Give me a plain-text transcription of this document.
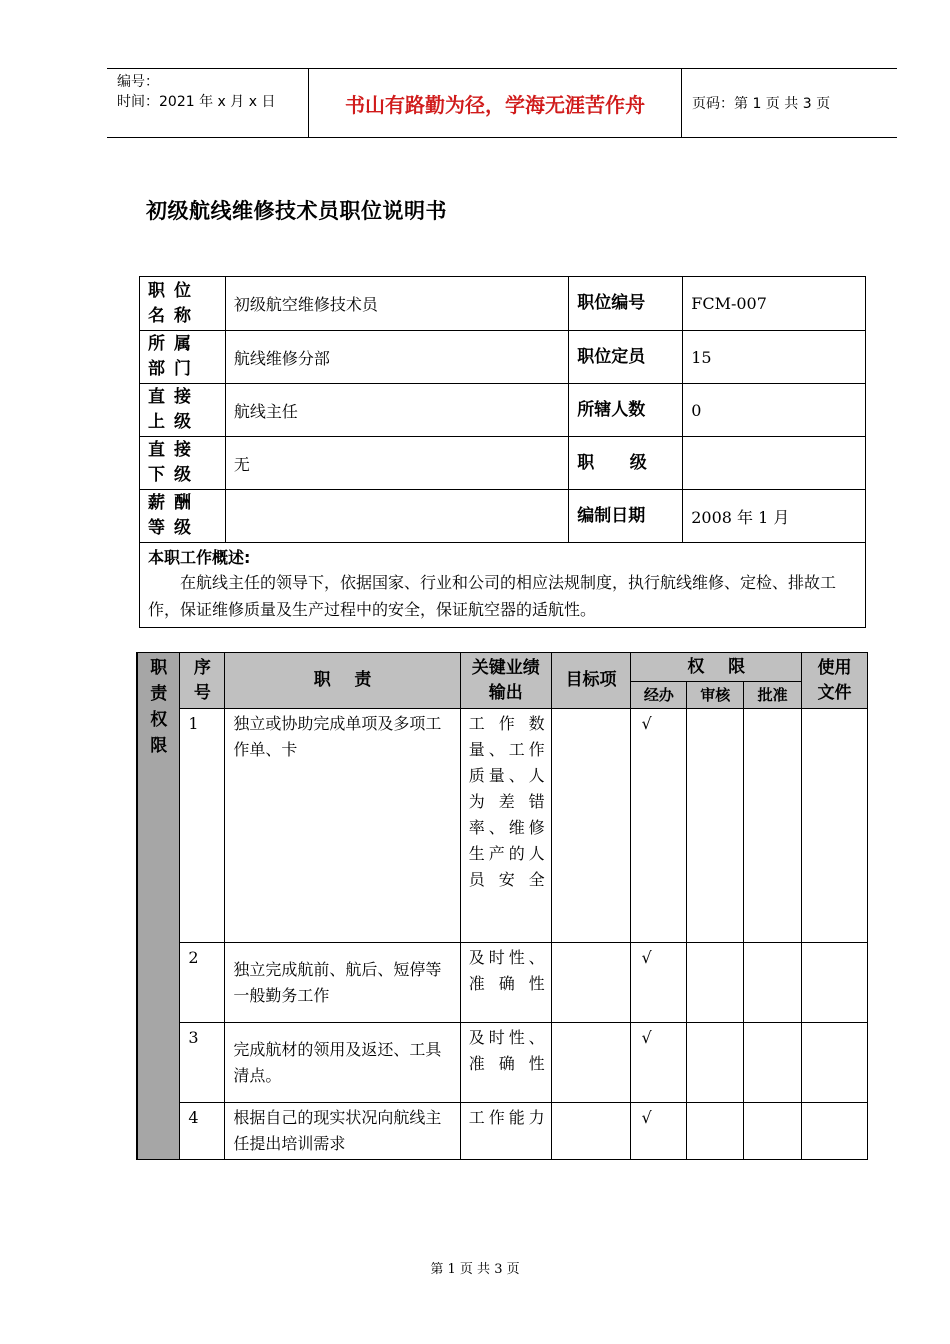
编号：
时间：2021 年 x 月 x 日	书山有路勤为径，学海无涯苦作舟	页码：第 1 页 共 3 页
初级航线维修技术员职位说明书
职位名称	初级航空维修技术员	职位编号	FCM-007
所属部门	航线维修分部	职位定员	15
直接上级	航线主任	所辖人数	0
直接下级	无	职      级	
薪酬等级		编制日期	2008 年 1 月

本职工作概述:
在航线主任的领导下，依据国家、行业和公司的相应法规制度，执行航线维修、定检、排故工作，保证维修质量及生产过程中的安全，保证航空器的适航性。			
职责权限	序号	职    责	关键业绩输出	目标项	权    限			使用文件

					经办	审核	批准	
	1	独立或协助完成单项及多项工作单、卡	工作数量、工作质量、人为差错率、维修生产的人员安全		√			
	2	独立完成航前、航后、短停等一般勤务工作	及时性、准确性		√			
	3	完成航材的领用及返还、工具清点。	及时性、准确性		√			
	4	根据自己的现实状况向航线主任提出培训需求	工作能力		√			
第 1 页 共 3 页
